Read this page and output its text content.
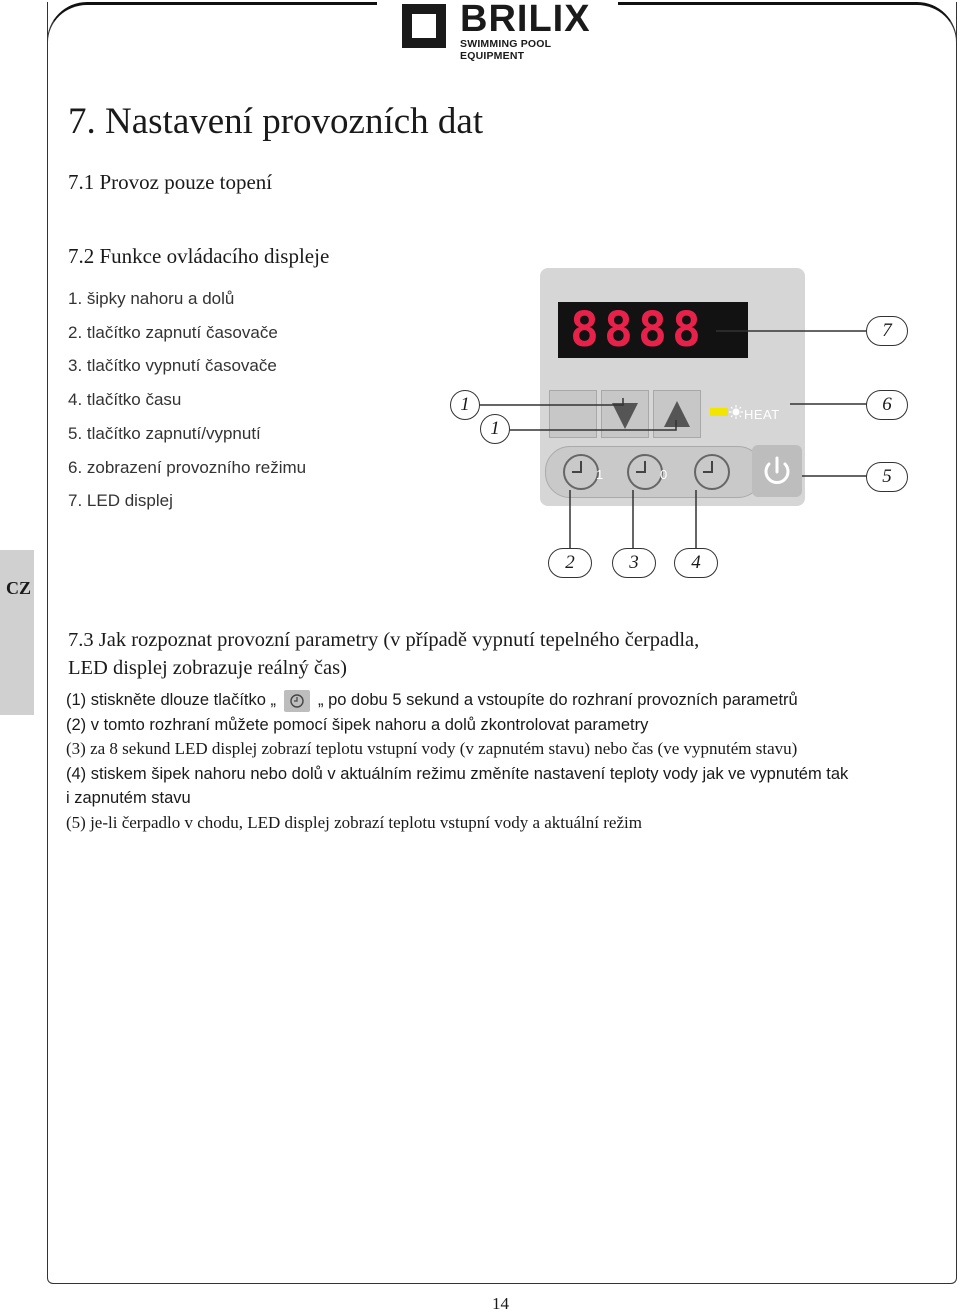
BRILIX
SWIMMING POOL EQUIPMENT
7. Nastavení provozních dat
7.1 Provoz pouze topení
7.2 Funkce ovládacího displeje
1. šipky nahoru a dolů
2. tlačítko zapnutí časovače
3. tlačítko vypnutí časovače
4. tlačítko času
5. tlačítko zapnutí/vypnutí
6. zobrazení provozního režimu
7. LED displej
CZ
8 8 8 8
HEAT
1	0
1
1
2	3	4
5
6
7
7.3 Jak rozpoznat provozní parametry (v případě vypnutí tepelného čerpadla,
LED displej zobrazuje reálný čas)
(1) stiskněte dlouze tlačítko „	„ po dobu 5 sekund a vstoupíte do rozhraní provozních parametrů
(2) v tomto rozhraní můžete pomocí šipek nahoru a dolů zkontrolovat parametry
(3) za 8 sekund LED displej zobrazí teplotu vstupní vody (v zapnutém stavu) nebo čas (ve vypnutém stavu)
(4) stiskem šipek nahoru nebo dolů v aktuálním režimu změníte nastavení teploty vody jak ve vypnutém tak
i zapnutém stavu
(5) je-li čerpadlo v chodu, LED displej zobrazí teplotu vstupní vody a aktuální režim
14
